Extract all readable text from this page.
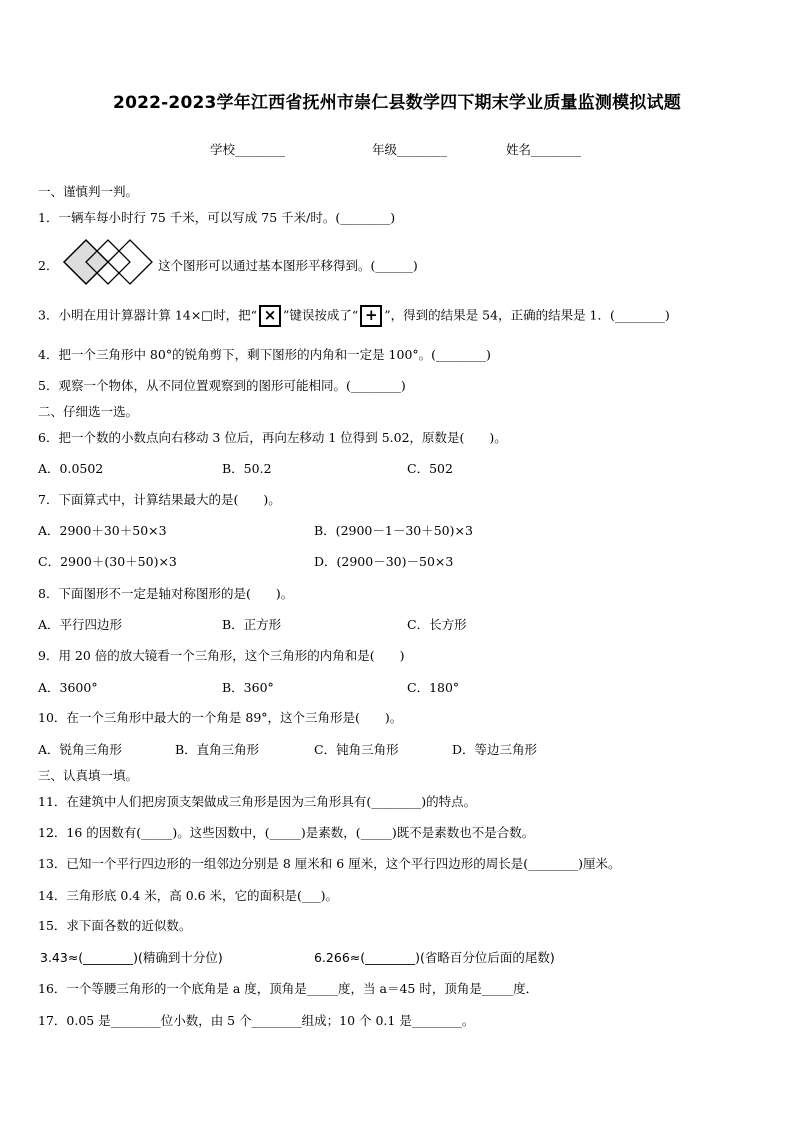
2022-2023学年江西省抚州市崇仁县数学四下期末学业质量监测模拟试题
学校________	年级________	姓名________
一、谨慎判一判。
1．一辆车每小时行 75 千米，可以写成 75 千米/时。(________)
2．	这个图形可以通过基本图形平移得到。(______)
3．小明在用计算器计算 14×□时，把“ × ”键误按成了“ + ”，得到的结果是 54，正确的结果是 1．(________)
4．把一个三角形中 80°的锐角剪下，剩下图形的内角和一定是 100°。(________)
5．观察一个物体，从不同位置观察到的图形可能相同。(________)
二、仔细选一选。
6．把一个数的小数点向右移动 3 位后，再向左移动 1 位得到 5.02，原数是(　　)。
A．0.0502	B．50.2	C．502
7．下面算式中，计算结果最大的是(　　)。
A．2900＋30＋50×3	B．(2900－1－30＋50)×3
C．2900＋(30＋50)×3	D．(2900－30)－50×3
8．下面图形不一定是轴对称图形的是(　　)。
A．平行四边形	B．正方形	C．长方形
9．用 20 倍的放大镜看一个三角形，这个三角形的内角和是(　　)
A．3600°	B．360°	C．180°
10．在一个三角形中最大的一个角是 89°，这个三角形是(　　)。
A．锐角三角形	B．直角三角形	C．钝角三角形	D．等边三角形
三、认真填一填。
11．在建筑中人们把房顶支架做成三角形是因为三角形具有(________)的特点。
12．16 的因数有(_____)。这些因数中，(_____)是素数，(_____)既不是素数也不是合数。
13．已知一个平行四边形的一组邻边分别是 8 厘米和 6 厘米，这个平行四边形的周长是(________)厘米。
14．三角形底 0.4 米，高 0.6 米，它的面积是(___)。
15．求下面各数的近似数。
3.43≈(________)(精确到十分位)	6.266≈(________)(省略百分位后面的尾数)
16．一个等腰三角形的一个底角是 a 度，顶角是_____度，当 a＝45 时，顶角是_____度．
17．0.05 是________位小数，由 5 个________组成；10 个 0.1 是________。
